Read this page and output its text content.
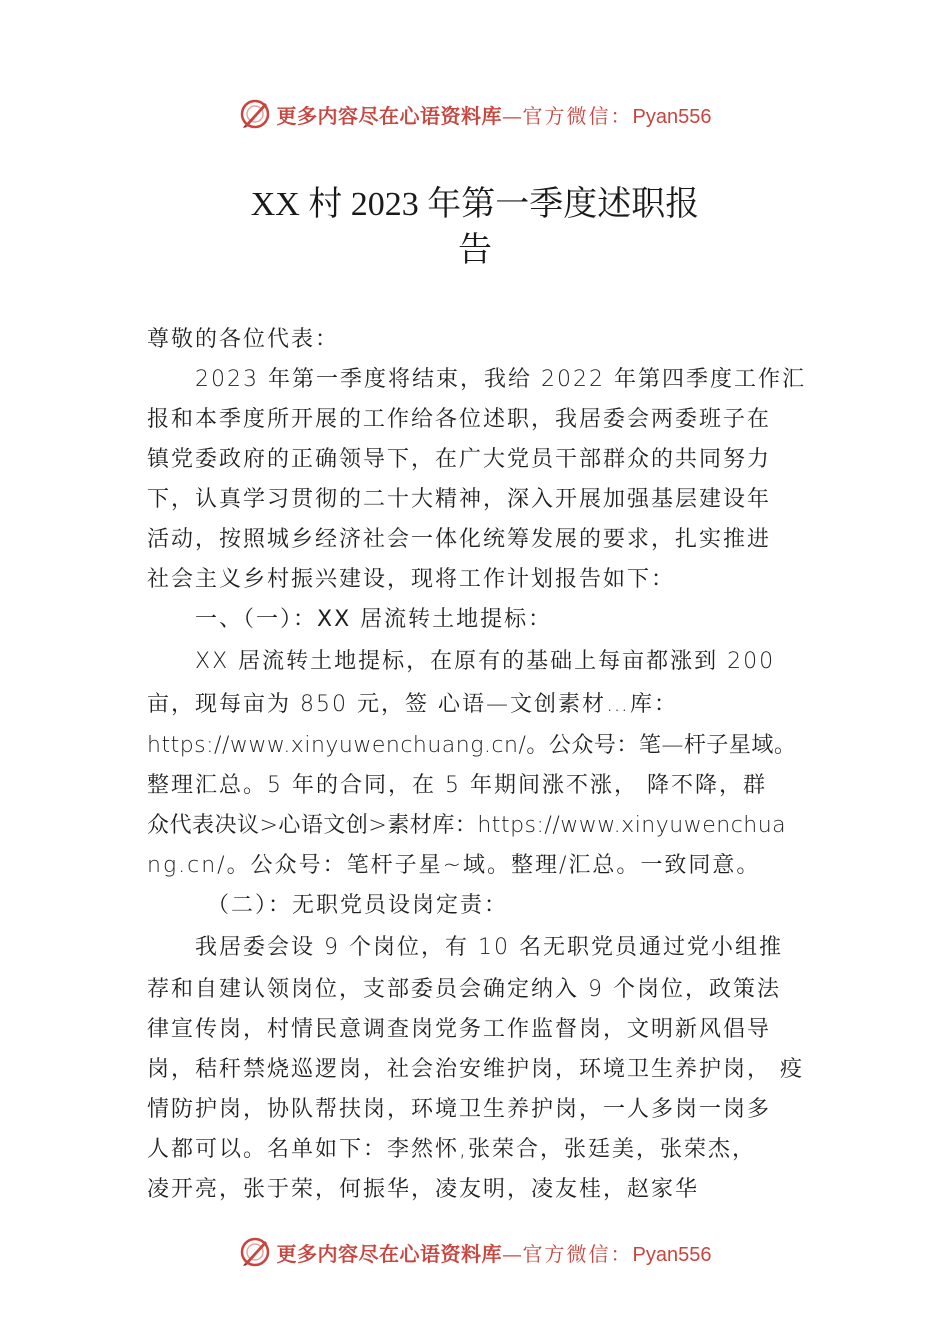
更多内容尽在心语资料库—官方微信：Pyan556
XX 村 2023 年第一季度述职报
告
尊敬的各位代表：
2023 年第一季度将结束，我给 2022 年第四季度工作汇
报和本季度所开展的工作给各位述职，我居委会两委班子在
镇党委政府的正确领导下，在广大党员干部群众的共同努力
下，认真学习贯彻的二十大精神，深入开展加强基层建设年
活动，按照城乡经济社会一体化统筹发展的要求，扎实推进
社会主义乡村振兴建设，现将工作计划报告如下：
一、（一）：XX 居流转土地提标：
XX 居流转土地提标，在原有的基础上每亩都涨到 200
亩，现每亩为 850 元，签 心语—文创素材…库：
https://www.xinyuwenchuang.cn/。公众号：笔—杆子星域。
整理汇总。5 年的合同，在 5 年期间涨不涨， 降不降，群
众代表决议>心语文创>素材库：https://www.xinyuwenchua
ng.cn/。公众号：笔杆子星~域。整理/汇总。一致同意。
（二）：无职党员设岗定责：
我居委会设 9 个岗位，有 10 名无职党员通过党小组推
荐和自建认领岗位，支部委员会确定纳入 9 个岗位，政策法
律宣传岗，村情民意调查岗党务工作监督岗，文明新风倡导
岗，秸秆禁烧巡逻岗，社会治安维护岗，环境卫生养护岗， 疫
情防护岗，协队帮扶岗，环境卫生养护岗，一人多岗一岗多
人都可以。名单如下：李然怀,张荣合，张廷美，张荣杰，
凌开亮，张于荣，何振华，凌友明，凌友桂，赵家华
更多内容尽在心语资料库—官方微信：Pyan556
